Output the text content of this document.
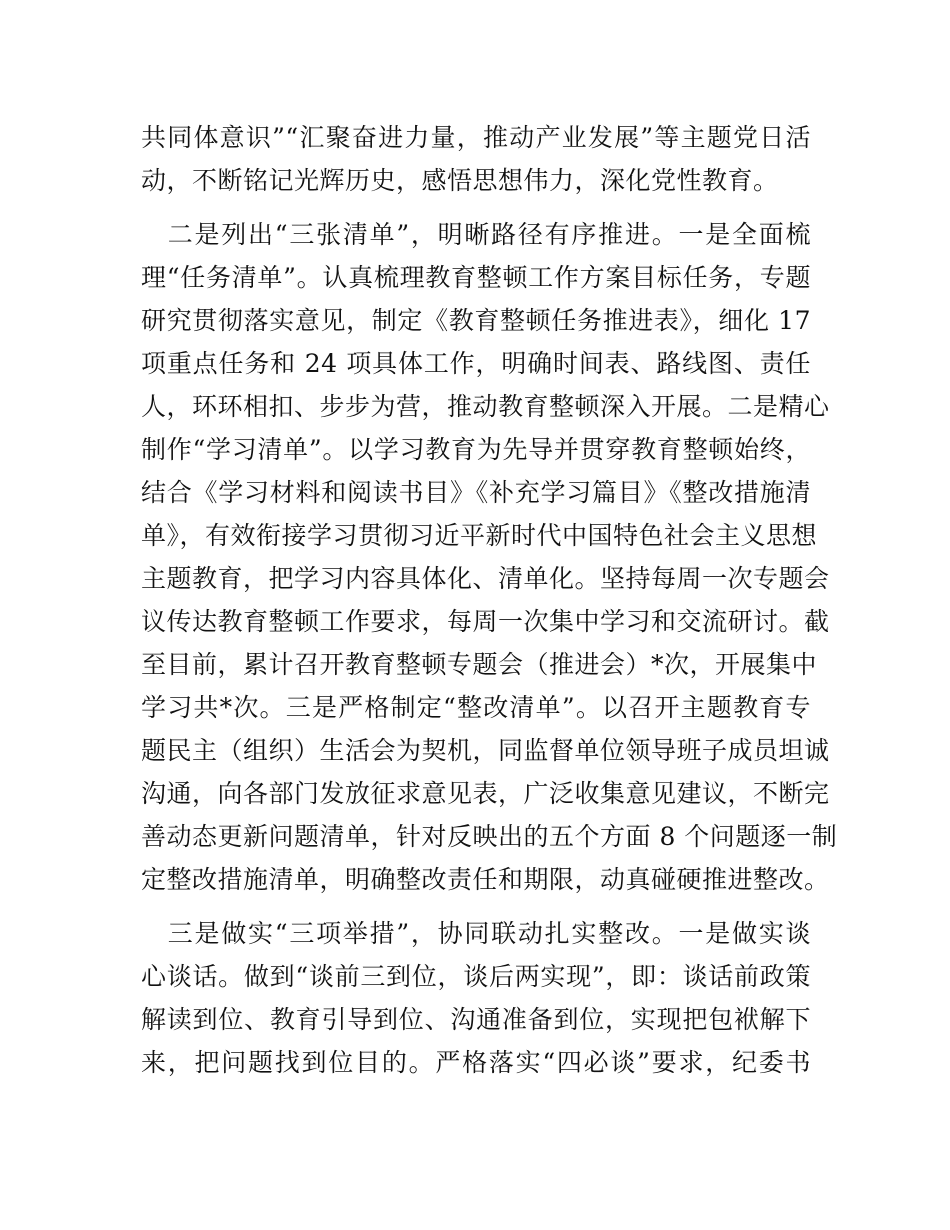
共同体意识”“汇聚奋进力量，推动产业发展”等主题党日活
动，不断铭记光辉历史，感悟思想伟力，深化党性教育。
　二是列出“三张清单”，明晰路径有序推进。一是全面梳
理“任务清单”。认真梳理教育整顿工作方案目标任务，专题
研究贯彻落实意见，制定《教育整顿任务推进表》，细化 17
项重点任务和 24 项具体工作，明确时间表、路线图、责任
人，环环相扣、步步为营，推动教育整顿深入开展。二是精心
制作“学习清单”。以学习教育为先导并贯穿教育整顿始终，
结合《学习材料和阅读书目》《补充学习篇目》《整改措施清
单》，有效衔接学习贯彻习近平新时代中国特色社会主义思想
主题教育，把学习内容具体化、清单化。坚持每周一次专题会
议传达教育整顿工作要求，每周一次集中学习和交流研讨。截
至目前，累计召开教育整顿专题会（推进会）*次，开展集中
学习共*次。三是严格制定“整改清单”。以召开主题教育专
题民主（组织）生活会为契机，同监督单位领导班子成员坦诚
沟通，向各部门发放征求意见表，广泛收集意见建议，不断完
善动态更新问题清单，针对反映出的五个方面 8 个问题逐一制
定整改措施清单，明确整改责任和期限，动真碰硬推进整改。
　三是做实“三项举措”，协同联动扎实整改。一是做实谈
心谈话。做到“谈前三到位，谈后两实现”，即：谈话前政策
解读到位、教育引导到位、沟通准备到位，实现把包袱解下
来，把问题找到位目的。严格落实“四必谈”要求，纪委书
